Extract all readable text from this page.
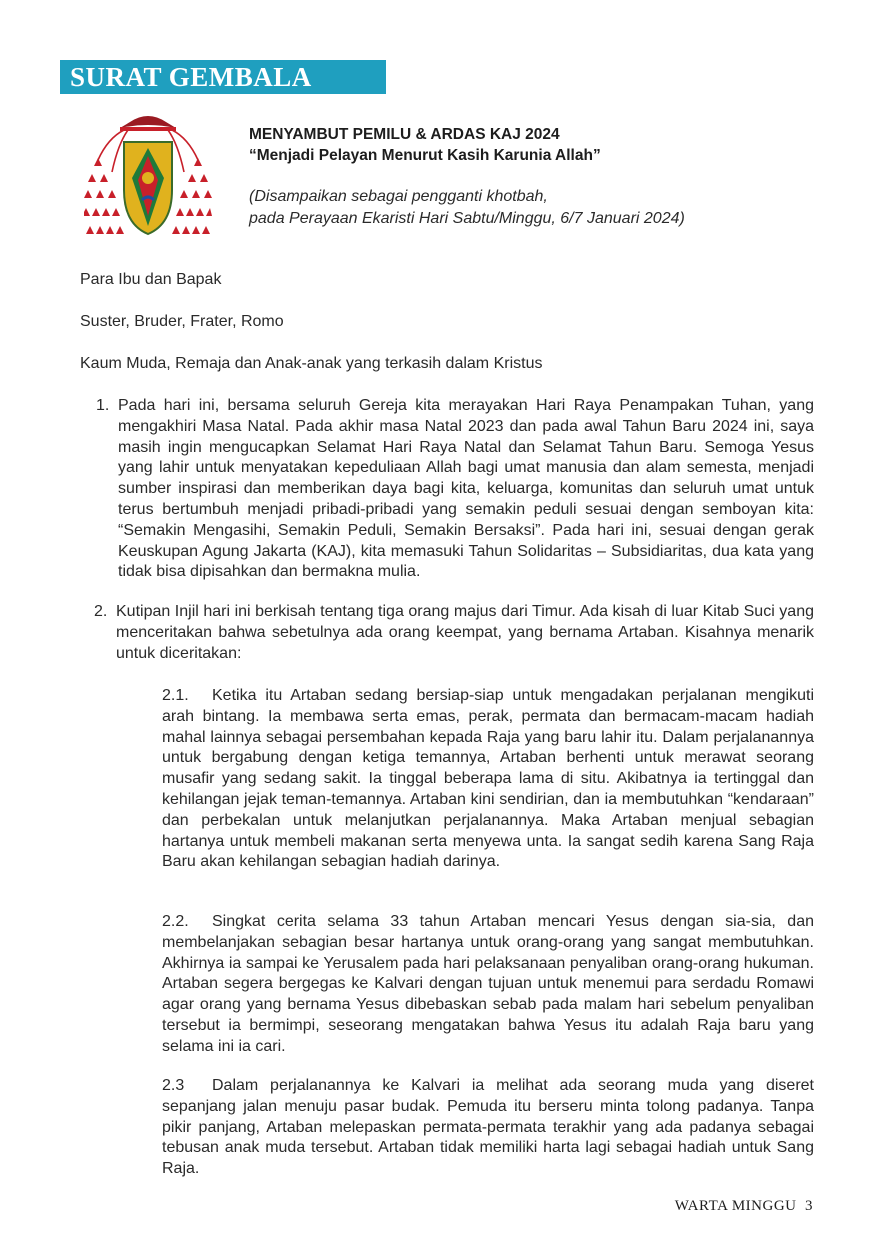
SURAT GEMBALA
MENYAMBUT PEMILU & ARDAS KAJ 2024
“Menjadi Pelayan Menurut Kasih Karunia Allah”
(Disampaikan sebagai pengganti khotbah,
pada Perayaan Ekaristi Hari Sabtu/Minggu, 6/7 Januari 2024)
Para Ibu dan Bapak
Suster, Bruder, Frater, Romo
Kaum Muda, Remaja dan Anak-anak yang terkasih dalam Kristus
1. Pada hari ini, bersama seluruh Gereja kita merayakan Hari Raya Penampakan Tuhan, yang mengakhiri Masa Natal. Pada akhir masa Natal 2023 dan pada awal Tahun Baru 2024 ini, saya masih ingin mengucapkan Selamat Hari Raya Natal dan Selamat Tahun Baru. Semoga Yesus yang lahir untuk menyatakan kepeduliaan Allah bagi umat manusia dan alam semesta, menjadi sumber inspirasi dan memberikan daya bagi kita, keluarga, komunitas dan seluruh umat untuk terus bertumbuh menjadi pribadi-pribadi yang semakin peduli sesuai dengan semboyan kita: “Semakin Mengasihi, Semakin Peduli, Semakin Bersaksi”. Pada hari ini, sesuai dengan gerak Keuskupan Agung Jakarta (KAJ), kita memasuki Tahun Solidaritas – Subsidiaritas, dua kata yang tidak bisa dipisahkan dan bermakna mulia.
2. Kutipan Injil hari ini berkisah tentang tiga orang majus dari Timur. Ada kisah di luar Kitab Suci yang menceritakan bahwa sebetulnya ada orang keempat, yang bernama Artaban. Kisahnya menarik untuk diceritakan:
2.1. Ketika itu Artaban sedang bersiap-siap untuk mengadakan perjalanan mengikuti arah bintang. Ia membawa serta emas, perak, permata dan bermacam-macam hadiah mahal lainnya sebagai persembahan kepada Raja yang baru lahir itu. Dalam perjalanannya untuk bergabung dengan ketiga temannya, Artaban berhenti untuk merawat seorang musafir yang sedang sakit. Ia tinggal beberapa lama di situ. Akibatnya ia tertinggal dan kehilangan jejak teman-temannya. Artaban kini sendirian, dan ia membutuhkan “kendaraan” dan perbekalan untuk melanjutkan perjalanannya. Maka Artaban menjual sebagian hartanya untuk membeli makanan serta menyewa unta. Ia sangat sedih karena Sang Raja Baru akan kehilangan sebagian hadiah darinya.
2.2. Singkat cerita selama 33 tahun Artaban mencari Yesus dengan sia-sia, dan membelanjakan sebagian besar hartanya untuk orang-orang yang sangat membutuhkan. Akhirnya ia sampai ke Yerusalem pada hari pelaksanaan penyaliban orang-orang hukuman. Artaban segera bergegas ke Kalvari dengan tujuan untuk menemui para serdadu Romawi agar orang yang bernama Yesus dibebaskan sebab pada malam hari sebelum penyaliban tersebut ia bermimpi, seseorang mengatakan bahwa Yesus itu adalah Raja baru yang selama ini ia cari.
2.3 Dalam perjalanannya ke Kalvari ia melihat ada seorang muda yang diseret sepanjang jalan menuju pasar budak. Pemuda itu berseru minta tolong padanya. Tanpa pikir panjang, Artaban melepaskan permata-permata terakhir yang ada padanya sebagai tebusan anak muda tersebut. Artaban tidak memiliki harta lagi sebagai hadiah untuk Sang Raja.
WARTA MINGGU 3
